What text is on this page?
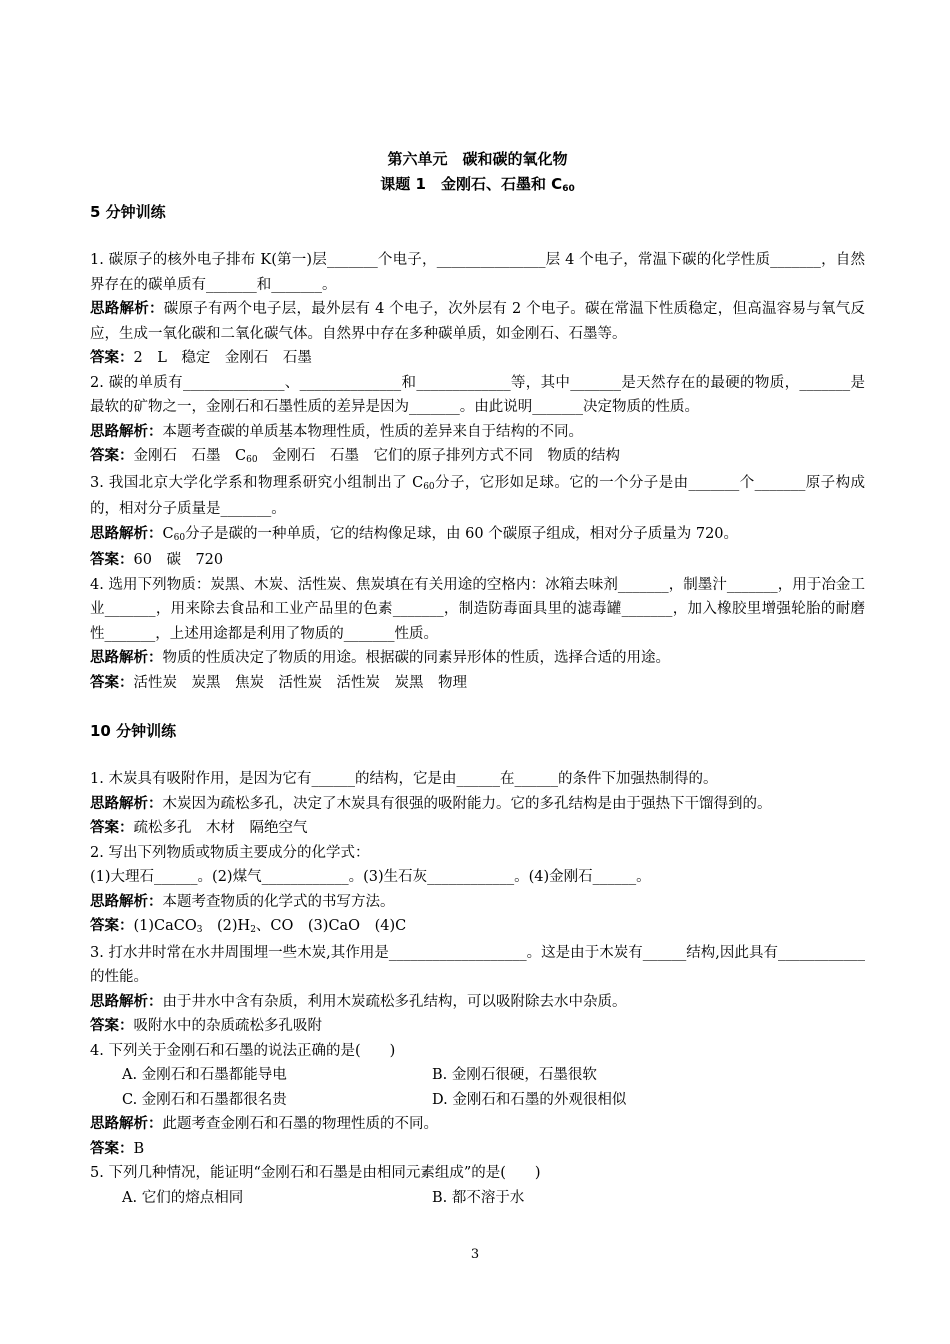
第六单元　碳和碳的氧化物
课题 1　金刚石、石墨和 $C_{60}$
5 分钟训练

1. 碳原子的核外电子排布 K(第一)层_______个电子，_______________层 4 个电子，常温下碳的化学性质_______，自然界存在的碳单质有_______和_______。

思路解析：碳原子有两个电子层，最外层有 4 个电子，次外层有 2 个电子。碳在常温下性质稳定，但高温容易与氧气反应，生成一氧化碳和二氧化碳气体。自然界中存在多种碳单质，如金刚石、石墨等。

答案：2　L　稳定　金刚石　石墨

2. 碳的单质有______________、______________和_____________等，其中_______是天然存在的最硬的物质，_______是最软的矿物之一，金刚石和石墨性质的差异是因为_______。由此说明_______决定物质的性质。

思路解析：本题考查碳的单质基本物理性质，性质的差异来自于结构的不同。

答案：金刚石　石墨　$C_{60}$　金刚石　石墨　它们的原子排列方式不同　物质的结构

3. 我国北京大学化学系和物理系研究小组制出了 $C_{60}$分子，它形如足球。它的一个分子是由_______个_______原子构成的，相对分子质量是_______。

思路解析：$C_{60}$分子是碳的一种单质，它的结构像足球，由 60 个碳原子组成，相对分子质量为 720。

答案：60　碳　720

4. 选用下列物质：炭黑、木炭、活性炭、焦炭填在有关用途的空格内：冰箱去味剂_______，制墨汁_______，用于冶金工业_______，用来除去食品和工业产品里的色素_______，制造防毒面具里的滤毒罐_______，加入橡胶里增强轮胎的耐磨性_______，上述用途都是利用了物质的_______性质。

思路解析：物质的性质决定了物质的用途。根据碳的同素异形体的性质，选择合适的用途。

答案：活性炭　炭黑　焦炭　活性炭　活性炭　炭黑　物理

10 分钟训练

1. 木炭具有吸附作用，是因为它有______的结构，它是由______在______的条件下加强热制得的。

思路解析：木炭因为疏松多孔，决定了木炭具有很强的吸附能力。它的多孔结构是由于强热下干馏得到的。

答案：疏松多孔　木材　隔绝空气

2. 写出下列物质或物质主要成分的化学式：

(1)大理石______。(2)煤气____________。(3)生石灰____________。(4)金刚石______。

思路解析：本题考查物质的化学式的书写方法。

答案：(1)CaCO$_3$　$(2)H_2$、CO　(3)CaO　(4)C

3. 打水井时常在水井周围埋一些木炭,其作用是___________________。这是由于木炭有______结构,因此具有____________的性能。

思路解析：由于井水中含有杂质，利用木炭疏松多孔结构，可以吸附除去水中杂质。

答案：吸附水中的杂质疏松多孔吸附

4. 下列关于金刚石和石墨的说法正确的是(　　)

A. 金刚石和石墨都能导电	B. 金刚石很硬，石墨很软
C. 金刚石和石墨都很名贵	D. 金刚石和石墨的外观很相似

思路解析：此题考查金刚石和石墨的物理性质的不同。

答案：B

5. 下列几种情况，能证明“金刚石和石墨是由相同元素组成”的是(　　)

A. 它们的熔点相同	B. 都不溶于水
3
